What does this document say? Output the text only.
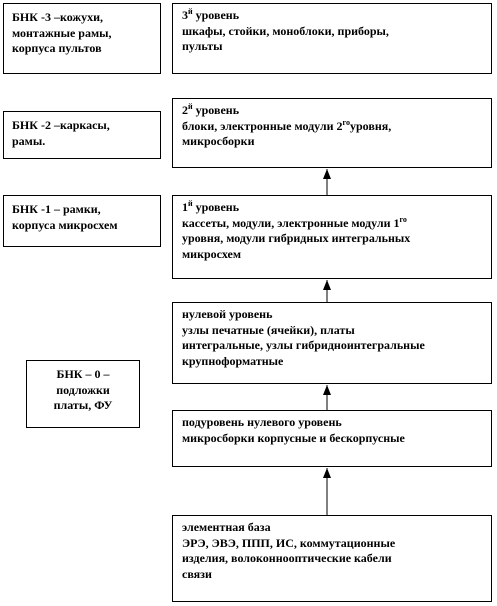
БНК -3 –кожухи,
монтажные рамы,
корпуса пультов
БНК -2 –каркасы,
рамы.
БНК -1 – рамки,
корпуса микросхем
БНК – 0 –
подложки
платы, ФУ
$3^й$ уровень
шкафы, стойки, моноблоки, приборы,
пульты
$2^й$ уровень
блоки, электронные модули $2^{го}уровня$,
микросборки
$1^й$ уровень
кассеты, модули, электронные модули $1^{го}$
уровня, модули гибридных интегральных
микросхем
нулевой уровень
узлы печатные (ячейки), платы
интегральные, узлы гибридноинтегральные
крупноформатные
подуровень нулевого уровень
микросборки корпусные и бескорпусные
элементная база
ЭРЭ, ЭВЭ, ППП, ИС, коммутационные
изделия, волоконнооптические кабели
связи
